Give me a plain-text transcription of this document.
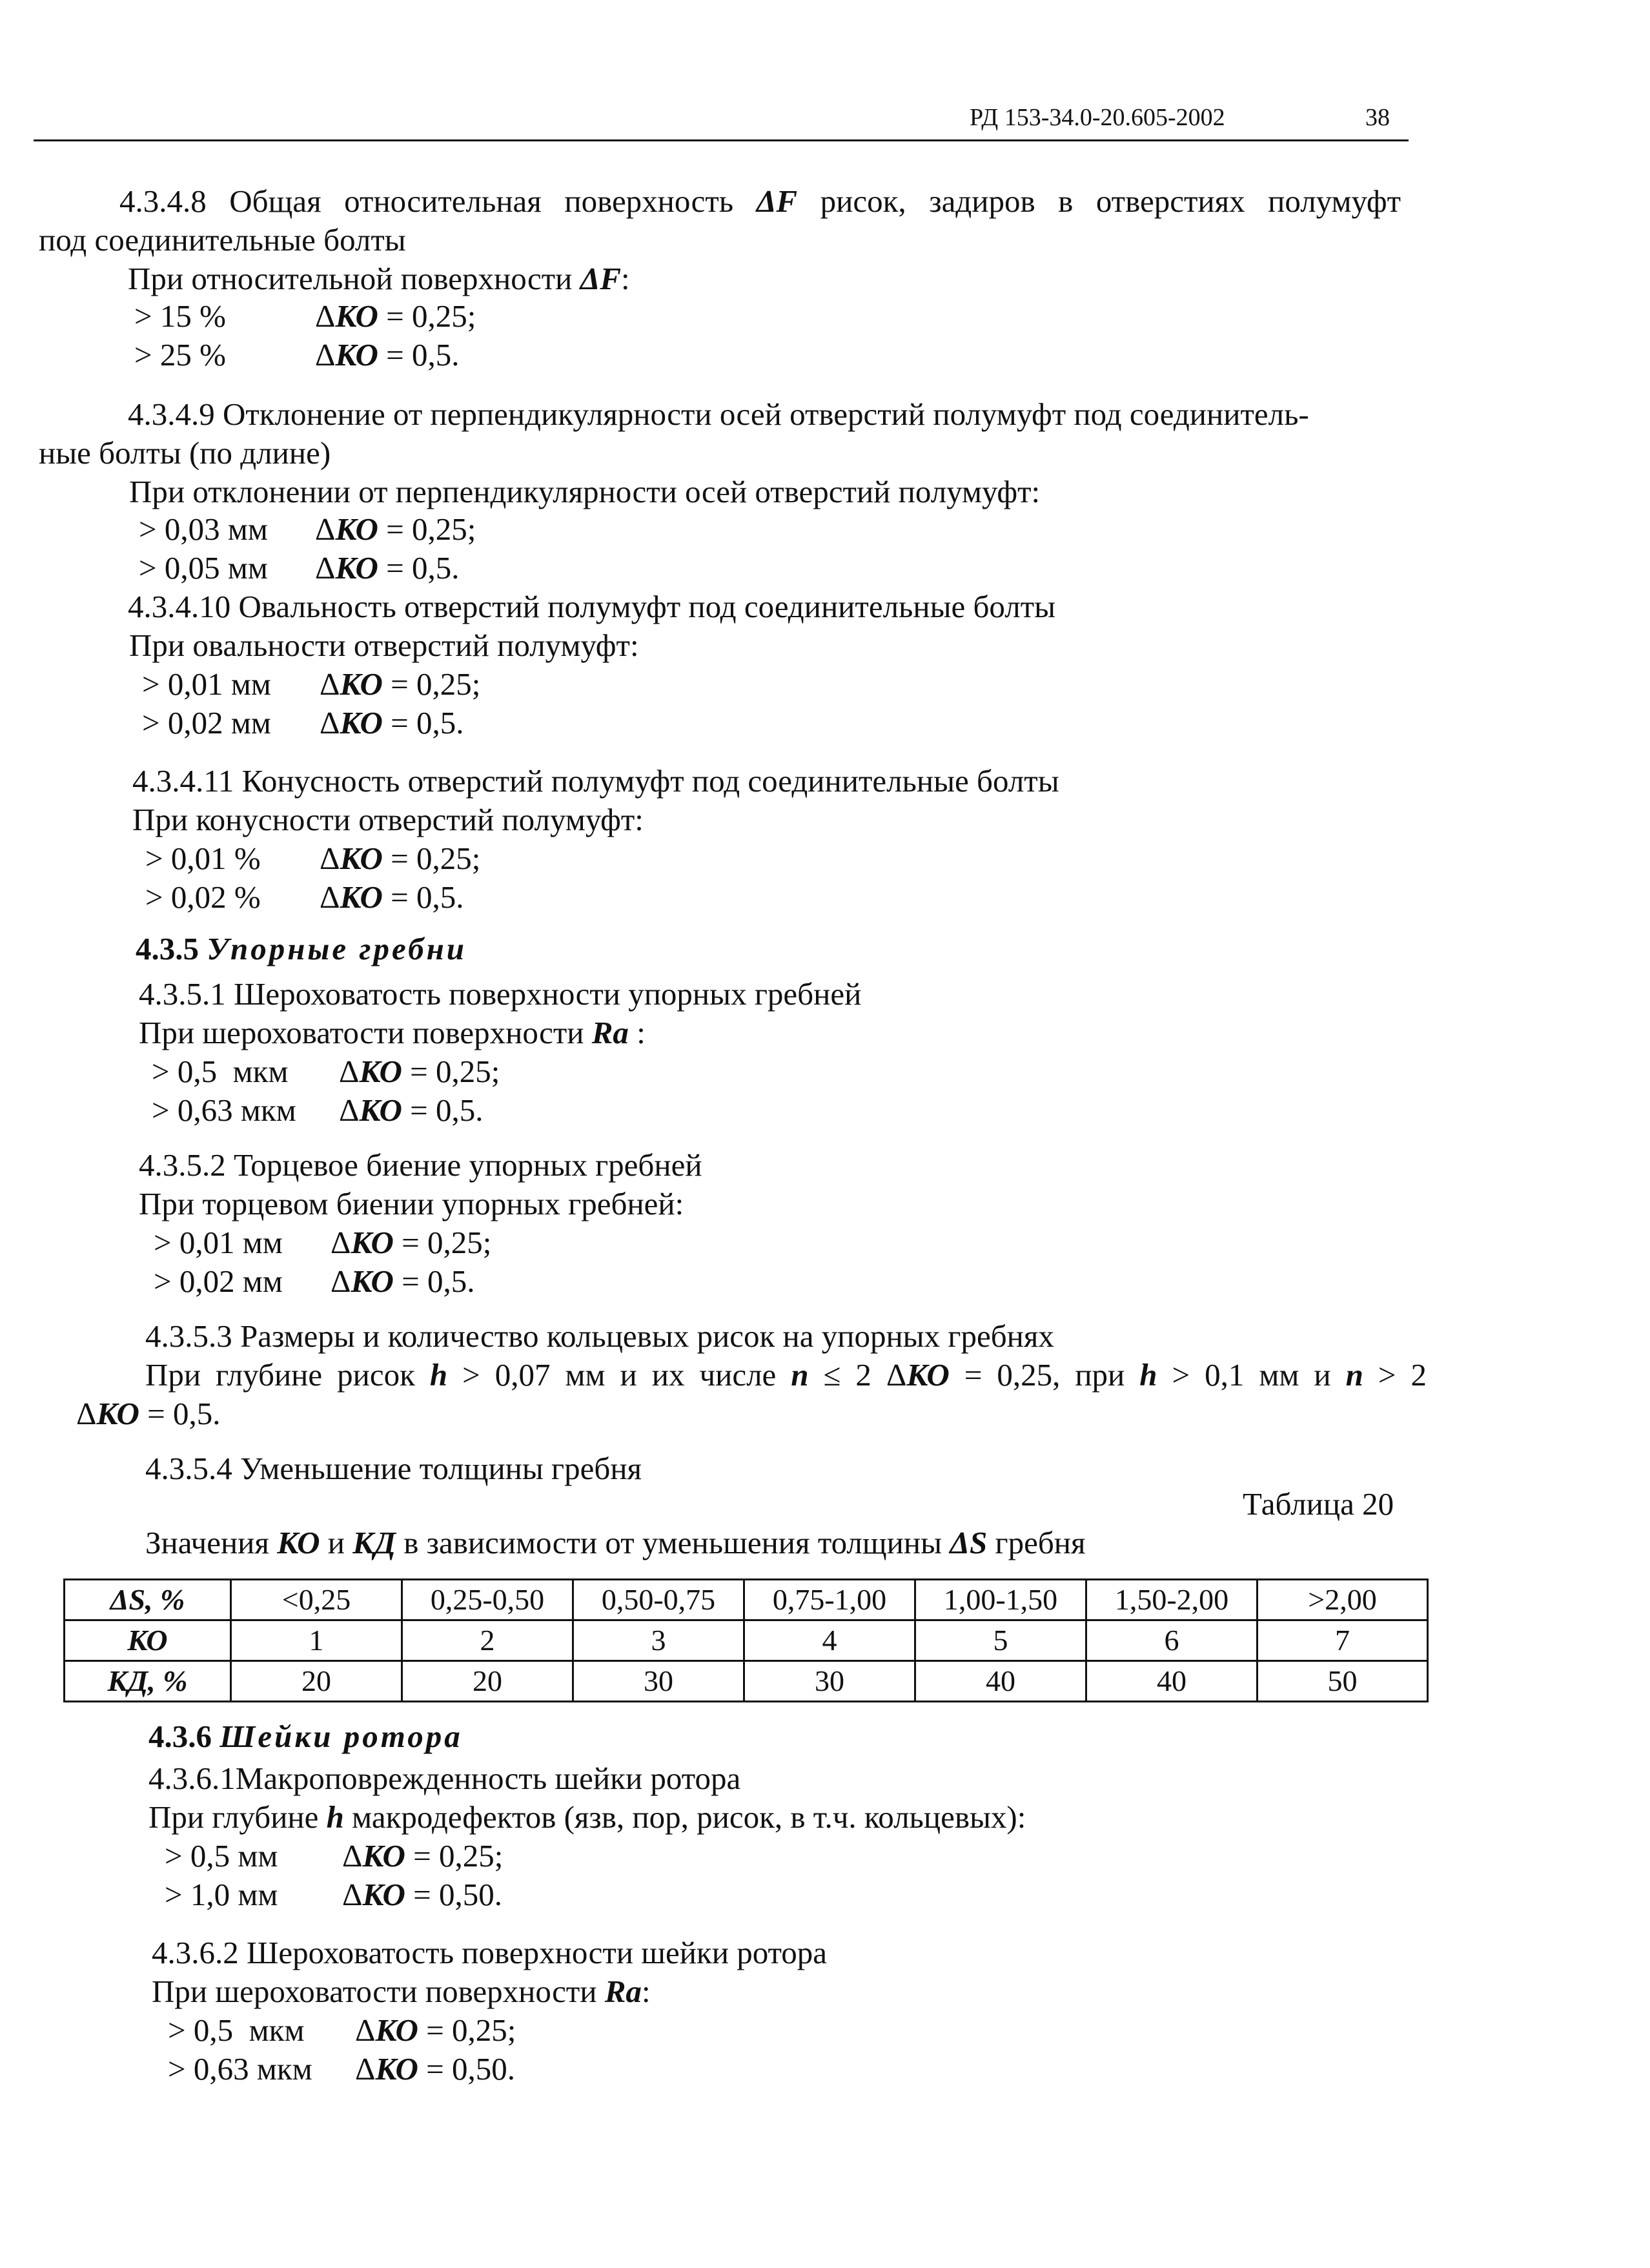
РД 153-34.0-20.605-2002	38
4.3.4.8 Общая относительная поверхность ΔF рисок, задиров в отверстиях полумуфт
под соединительные болты
При относительной поверхности ΔF:
> 15 %	ΔКО = 0,25;
> 25 %	ΔКО = 0,5.
4.3.4.9 Отклонение от перпендикулярности осей отверстий полумуфт под соединитель-
ные болты (по длине)
При отклонении от перпендикулярности осей отверстий полумуфт:
> 0,03 мм ΔКО = 0,25;
> 0,05 мм ΔКО = 0,5.
4.3.4.10 Овальность отверстий полумуфт под соединительные болты
При овальности отверстий полумуфт:
> 0,01 мм ΔКО = 0,25;
> 0,02 мм ΔКО = 0,5.
4.3.4.11 Конусность отверстий полумуфт под соединительные болты
При конусности отверстий полумуфт:
> 0,01 % ΔКО = 0,25;
> 0,02 % ΔКО = 0,5.
4.3.5 Упорные гребни
4.3.5.1 Шероховатость поверхности упорных гребней
При шероховатости поверхности Ra :
> 0,5  мкм ΔКО = 0,25;
> 0,63 мкм ΔКО = 0,5.
4.3.5.2 Торцевое биение упорных гребней
При торцевом биении упорных гребней:
> 0,01 мм ΔКО = 0,25;
> 0,02 мм ΔКО = 0,5.
4.3.5.3 Размеры и количество кольцевых рисок на упорных гребнях
При глубине рисок h > 0,07 мм и их числе n ≤ 2 ΔКО = 0,25, при h > 0,1 мм и n > 2
ΔКО = 0,5.
4.3.5.4 Уменьшение толщины гребня
Таблица 20
Значения КО и КД в зависимости от уменьшения толщины ΔS гребня
ΔS, %	<0,25	0,25-0,50	0,50-0,75	0,75-1,00	1,00-1,50	1,50-2,00	>2,00
КО	1	2	3	4	5	6	7
КД, %	20	20	30	30	40	40	50
4.3.6 Шейки ротора
4.3.6.1Макроповрежденность шейки ротора
При глубине h макродефектов (язв, пор, рисок, в т.ч. кольцевых):
> 0,5 мм ΔКО = 0,25;
> 1,0 мм ΔКО = 0,50.
4.3.6.2 Шероховатость поверхности шейки ротора
При шероховатости поверхности Ra:
> 0,5  мкм ΔКО = 0,25;
> 0,63 мкм ΔКО = 0,50.
